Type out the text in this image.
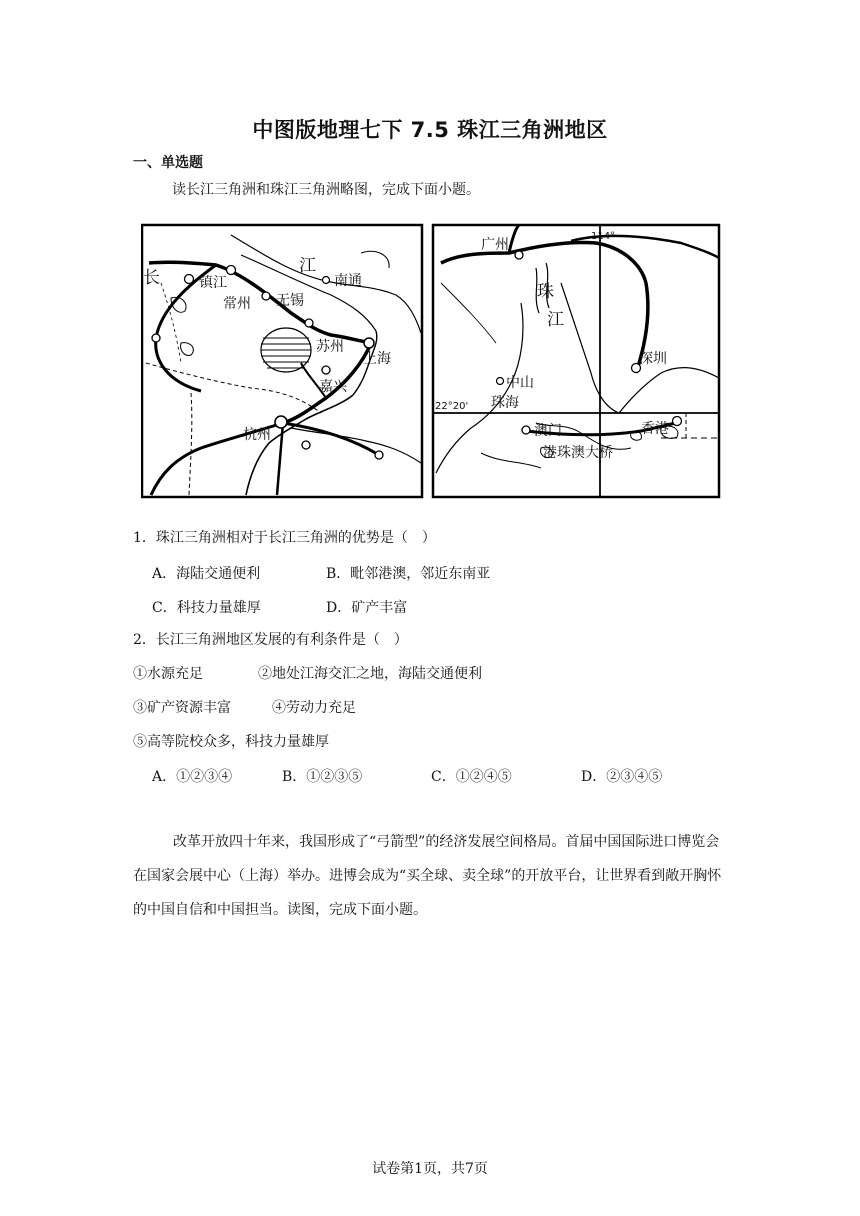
中图版地理七下 7.5 珠江三角洲地区
一、单选题
读长江三角洲和珠江三角洲略图，完成下面小题。
江
长	镇江	南通
常州 无锡
苏州
上海
嘉兴
杭州
广州
114°
珠
江
深圳
中山
22°20' 珠海
澳门	香港
港珠澳大桥
1．珠江三角洲相对于长江三角洲的优势是（　）
A．海陆交通便利	B．毗邻港澳，邻近东南亚
C．科技力量雄厚	D．矿产丰富
2．长江三角洲地区发展的有利条件是（　）
①水源充足	②地处江海交汇之地，海陆交通便利
③矿产资源丰富	④劳动力充足
⑤高等院校众多，科技力量雄厚
A．①②③④	B．①②③⑤	C．①②④⑤	D．②③④⑤
改革开放四十年来，我国形成了“弓箭型”的经济发展空间格局。首届中国国际进口博览会在国家会展中心（上海）举办。进博会成为“买全球、卖全球”的开放平台，让世界看到敞开胸怀的中国自信和中国担当。读图，完成下面小题。
试卷第1页，共7页
